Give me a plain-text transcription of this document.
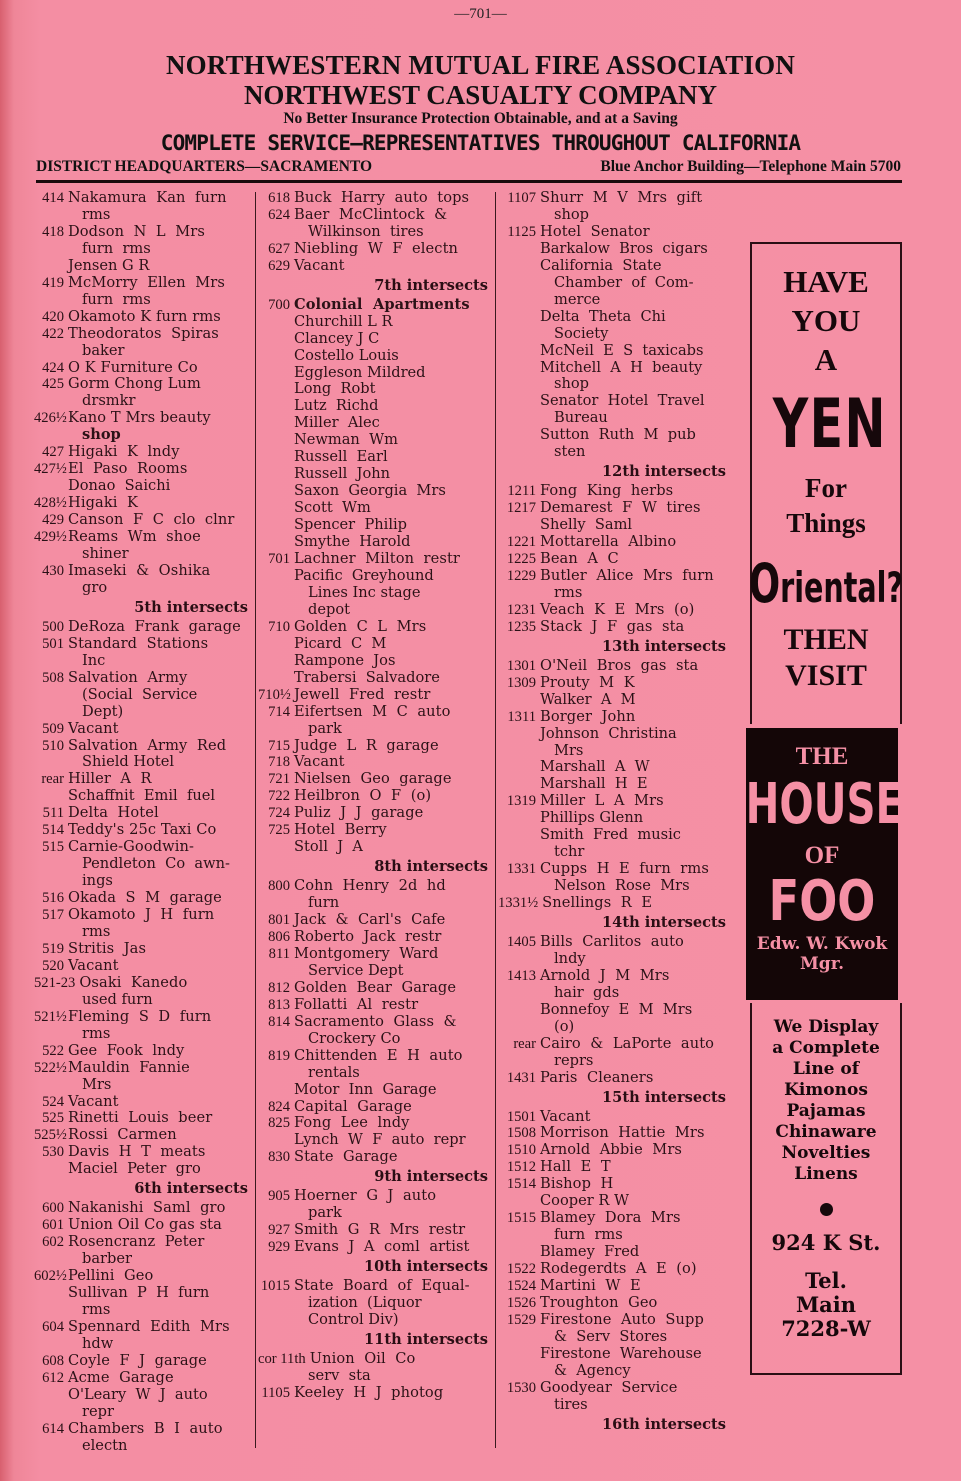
—701—
NORTHWESTERN MUTUAL FIRE ASSOCIATION
NORTHWEST CASUALTY COMPANY
No Better Insurance Protection Obtainable, and at a Saving
COMPLETE SERVICE—REPRESENTATIVES THROUGHOUT CALIFORNIA
DISTRICT HEADQUARTERS—SACRAMENTO	Blue Anchor Building—Telephone Main 5700
414 Nakamura  Kan  furn
rms
418 Dodson  N  L  Mrs
furn  rms
Jensen G R
419 McMorry  Ellen  Mrs
furn  rms
420 Okamoto K furn rms
422 Theodoratos  Spiras
baker
424 O K Furniture Co
425 Gorm Chong Lum
drsmkr
426½Kano T Mrs beauty
shop
427 Higaki  K  lndy
427½El  Paso  Rooms
Donao  Saichi
428½Higaki  K
429 Canson  F  C  clo  clnr
429½Reams  Wm  shoe
shiner
430 Imaseki  &  Oshika
gro
5th intersects
500 DeRoza  Frank  garage
501 Standard  Stations
Inc
508 Salvation  Army
(Social  Service
Dept)
509 Vacant
510 Salvation  Army  Red
Shield Hotel
rear Hiller  A  R
Schaffnit  Emil  fuel
511 Delta  Hotel
514 Teddy's 25c Taxi Co
515 Carnie-Goodwin-
Pendleton  Co  awn-
ings
516 Okada  S  M  garage
517 Okamoto  J  H  furn
rms
519 Stritis  Jas
520 Vacant
521-23 Osaki  Kanedo
used furn
521½Fleming  S  D  furn
rms
522 Gee  Fook  lndy
522½Mauldin  Fannie
Mrs
524 Vacant
525 Rinetti  Louis  beer
525½Rossi  Carmen
530 Davis  H  T  meats
Maciel  Peter  gro
6th intersects
600 Nakanishi  Saml  gro
601 Union Oil Co gas sta
602 Rosencranz  Peter
barber
602½Pellini  Geo
Sullivan  P  H  furn
rms
604 Spennard  Edith  Mrs
hdw
608 Coyle  F  J  garage
612 Acme  Garage
O'Leary  W  J  auto
repr
614 Chambers  B  I  auto
electn
618 Buck  Harry  auto  tops
624 Baer  McClintock  &
Wilkinson  tires
627 Niebling  W  F  electn
629 Vacant
7th intersects
700 Colonial  Apartments
Churchill L R
Clancey J C
Costello Louis
Eggleson Mildred
Long  Robt
Lutz  Richd
Miller  Alec
Newman  Wm
Russell  Earl
Russell  John
Saxon  Georgia  Mrs
Scott  Wm
Spencer  Philip
Smythe  Harold
701 Lachner  Milton  restr
Pacific  Greyhound
Lines Inc stage
depot
710 Golden  C  L  Mrs
Picard  C  M
Rampone  Jos
Trabersi  Salvadore
710½ Jewell  Fred  restr
714 Eifertsen  M  C  auto
park
715 Judge  L  R  garage
718 Vacant
721 Nielsen  Geo  garage
722 Heilbron  O  F  (o)
724 Puliz  J  J  garage
725 Hotel  Berry
Stoll  J  A
8th intersects
800 Cohn  Henry  2d  hd
furn
801 Jack  &  Carl's  Cafe
806 Roberto  Jack  restr
811 Montgomery  Ward
Service Dept
812 Golden  Bear  Garage
813 Follatti  Al  restr
814 Sacramento  Glass  &
Crockery Co
819 Chittenden  E  H  auto
rentals
Motor  Inn  Garage
824 Capital  Garage
825 Fong  Lee  lndy
Lynch  W  F  auto  repr
830 State  Garage
9th intersects
905 Hoerner  G  J  auto
park
927 Smith  G  R  Mrs  restr
929 Evans  J  A  coml  artist
10th intersects
1015 State  Board  of  Equal-
ization  (Liquor
Control Div)
11th intersects
cor 11th Union  Oil  Co
serv  sta
1105 Keeley  H  J  photog
1107 Shurr  M  V  Mrs  gift
shop
1125 Hotel  Senator
Barkalow  Bros  cigars
California  State
Chamber  of  Com-
merce
Delta  Theta  Chi
Society
McNeil  E  S  taxicabs
Mitchell  A  H  beauty
shop
Senator  Hotel  Travel
Bureau
Sutton  Ruth  M  pub
sten
12th intersects
1211 Fong  King  herbs
1217 Demarest  F  W  tires
Shelly  Saml
1221 Mottarella  Albino
1225 Bean  A  C
1229 Butler  Alice  Mrs  furn
rms
1231 Veach  K  E  Mrs  (o)
1235 Stack  J  F  gas  sta
13th intersects
1301 O'Neil  Bros  gas  sta
1309 Prouty  M  K
Walker  A  M
1311 Borger  John
Johnson  Christina
Mrs
Marshall  A  W
Marshall  H  E
1319 Miller  L  A  Mrs
Phillips Glenn
Smith  Fred  music
tchr
1331 Cupps  H  E  furn  rms
Nelson  Rose  Mrs
1331½ Snellings  R  E
14th intersects
1405 Bills  Carlitos  auto
lndy
1413 Arnold  J  M  Mrs
hair  gds
Bonnefoy  E  M  Mrs
(o)
rear Cairo  &  LaPorte  auto
reprs
1431 Paris  Cleaners
15th intersects
1501 Vacant
1508 Morrison  Hattie  Mrs
1510 Arnold  Abbie  Mrs
1512 Hall  E  T
1514 Bishop  H
Cooper R W
1515 Blamey  Dora  Mrs
furn  rms
Blamey  Fred
1522 Rodegerdts  A  E  (o)
1524 Martini  W  E
1526 Troughton  Geo
1529 Firestone  Auto  Supp
&  Serv  Stores
Firestone  Warehouse
&  Agency
1530 Goodyear  Service
tires
16th intersects
HAVE
YOU
A
YEN
For
Things
Oriental?
THEN
VISIT
THE
HOUSE
OF
FOO
Edw. W. Kwok
Mgr.
We Display
a Complete
Line of
Kimonos
Pajamas
Chinaware
Novelties
Linens
924 K St.
Tel.
Main
7228-W
